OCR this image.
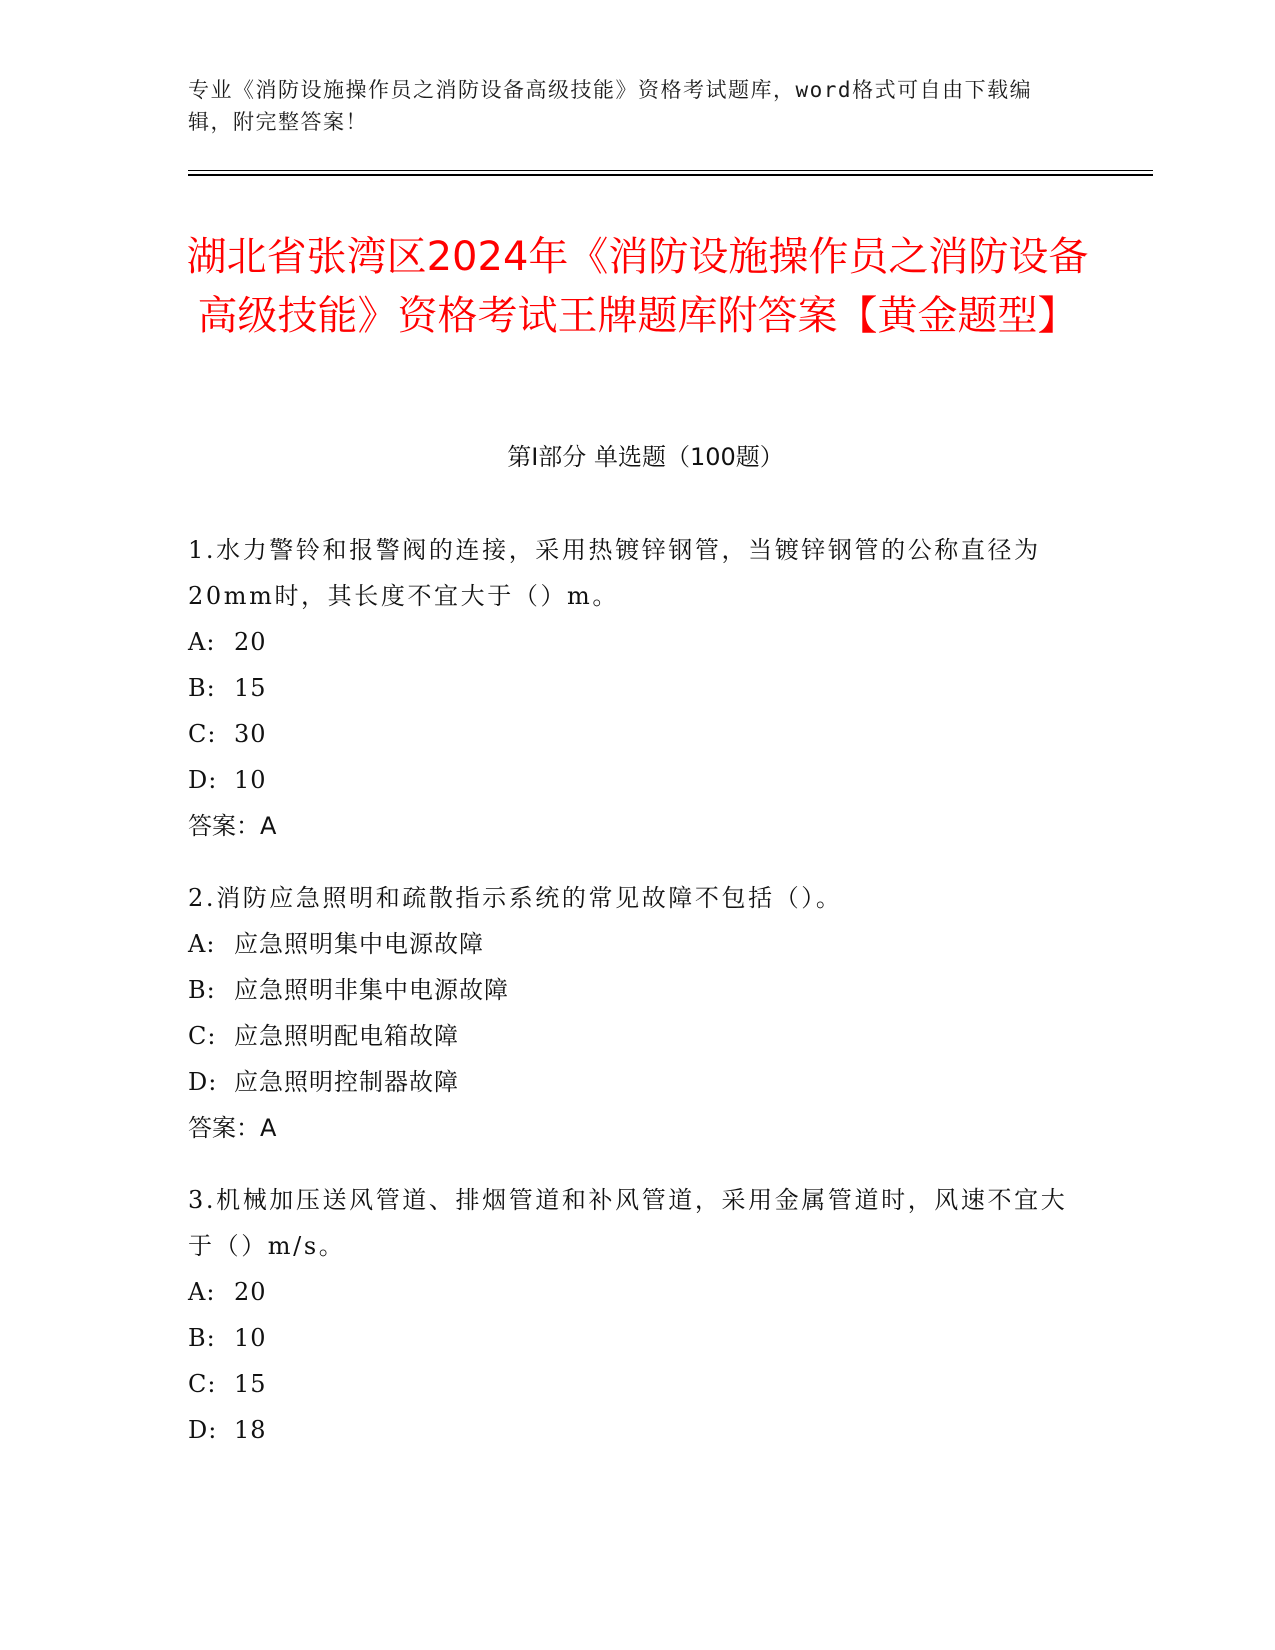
专业《消防设施操作员之消防设备高级技能》资格考试题库，word格式可自由下载编辑，附完整答案！
湖北省张湾区2024年《消防设施操作员之消防设备高级技能》资格考试王牌题库附答案【黄金题型】
第Ⅰ部分 单选题（100题）

1.水力警铃和报警阀的连接，采用热镀锌钢管，当镀锌钢管的公称直径为20mm时，其长度不宜大于（）m。

A: 20

B: 15

C: 30

D: 10

答案：A

2.消防应急照明和疏散指示系统的常见故障不包括（）。

A: 应急照明集中电源故障

B: 应急照明非集中电源故障

C: 应急照明配电箱故障

D: 应急照明控制器故障

答案：A

3.机械加压送风管道、排烟管道和补风管道，采用金属管道时，风速不宜大于（）m/s。

A: 20

B: 10

C: 15

D: 18
